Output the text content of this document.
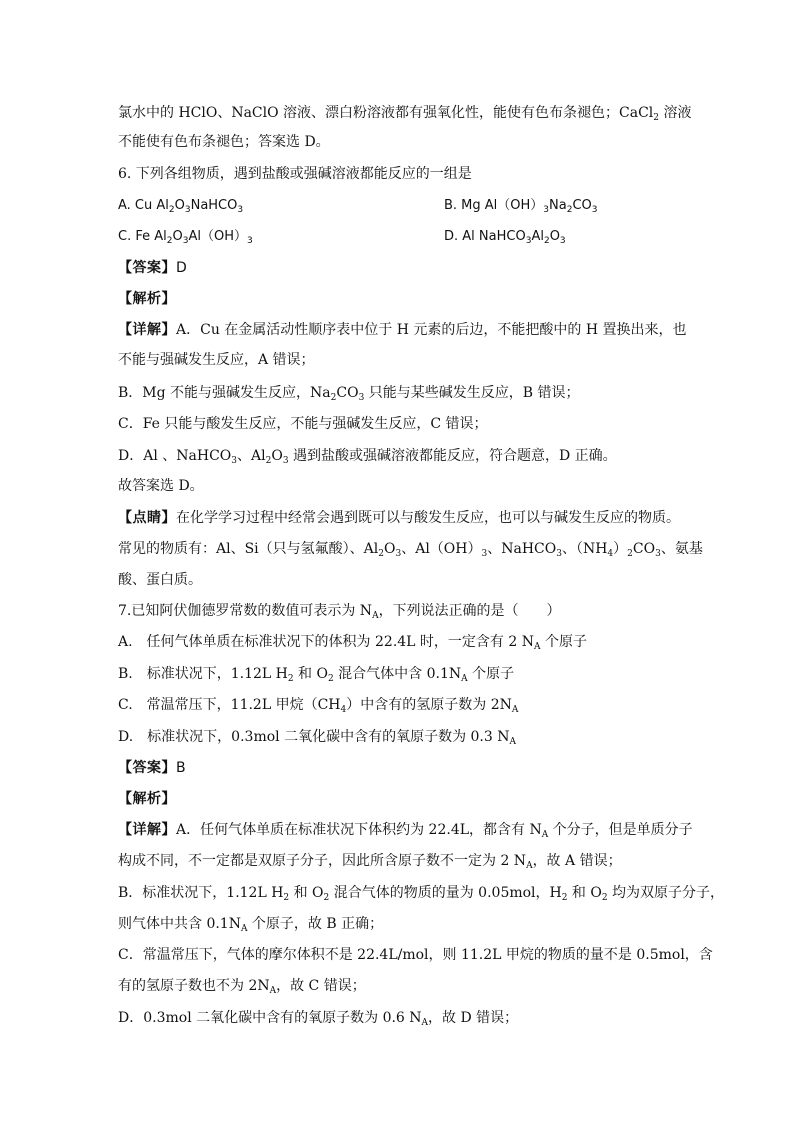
氯水中的 HClO、NaClO 溶液、漂白粉溶液都有强氧化性，能使有色布条褪色；CaCl$_2$ 溶液
不能使有色布条褪色；答案选 D。
6. 下列各组物质，遇到盐酸或强碱溶液都能反应的一组是
A. Cu $Al_2O_3NaHCO_3$	B. Mg $Al(OH)_3Na_2CO_3$
C. Fe $Al_2O_3Al(OH)_3$	D. Al $NaHCO_3Al_2O_3$
【答案】D
【解析】
【详解】A．Cu 在金属活动性顺序表中位于 H 元素的后边，不能把酸中的 H 置换出来，也
不能与强碱发生反应，A 错误；
B．Mg 不能与强碱发生反应，$Na_2CO_3$ 只能与某些碱发生反应，B 错误；
C．Fe 只能与酸发生反应，不能与强碱发生反应，C 错误；
D．Al 、NaHCO$_3$、$Al_2O_3$ 遇到盐酸或强碱溶液都能反应，符合题意，D 正确。
故答案选 D。
【点睛】在化学学习过程中经常会遇到既可以与酸发生反应，也可以与碱发生反应的物质。
常见的物质有：Al、Si（只与氢氟酸）、$Al_2O_3$、$Al(OH)_3$、NaHCO$_3$、$(NH_4)_2CO_3$、氨基
酸、蛋白质。
7.已知阿伏伽德罗常数的数值可表示为 $N_A$，下列说法正确的是（　　）
A.　任何气体单质在标准状况下的体积为 22.4L 时，一定含有 2 $N_A$ 个原子
B.　标准状况下，1.12L $H_2$ 和 $O_2$ 混合气体中含 $0.1N_A$ 个原子
C.　常温常压下，11.2L 甲烷$(CH_4)$中含有的氢原子数为 $2N_A$
D.　标准状况下，0.3mol 二氧化碳中含有的氧原子数为 0.3 $N_A$
【答案】B
【解析】
【详解】A．任何气体单质在标准状况下体积约为 22.4L，都含有 $N_A$ 个分子，但是单质分子
构成不同，不一定都是双原子分子，因此所含原子数不一定为 2 $N_A$，故 A 错误；
B．标准状况下，1.12L $H_2$ 和 $O_2$ 混合气体的物质的量为 0.05mol，$H_2$ 和 $O_2$ 均为双原子分子，
则气体中共含 $0.1N_A$ 个原子，故 B 正确；
C．常温常压下，气体的摩尔体积不是 22.4L/mol，则 11.2L 甲烷的物质的量不是 0.5mol，含
有的氢原子数也不为 $2N_A$，故 C 错误；
D．0.3mol 二氧化碳中含有的氧原子数为 0.6 $N_A$，故 D 错误；
